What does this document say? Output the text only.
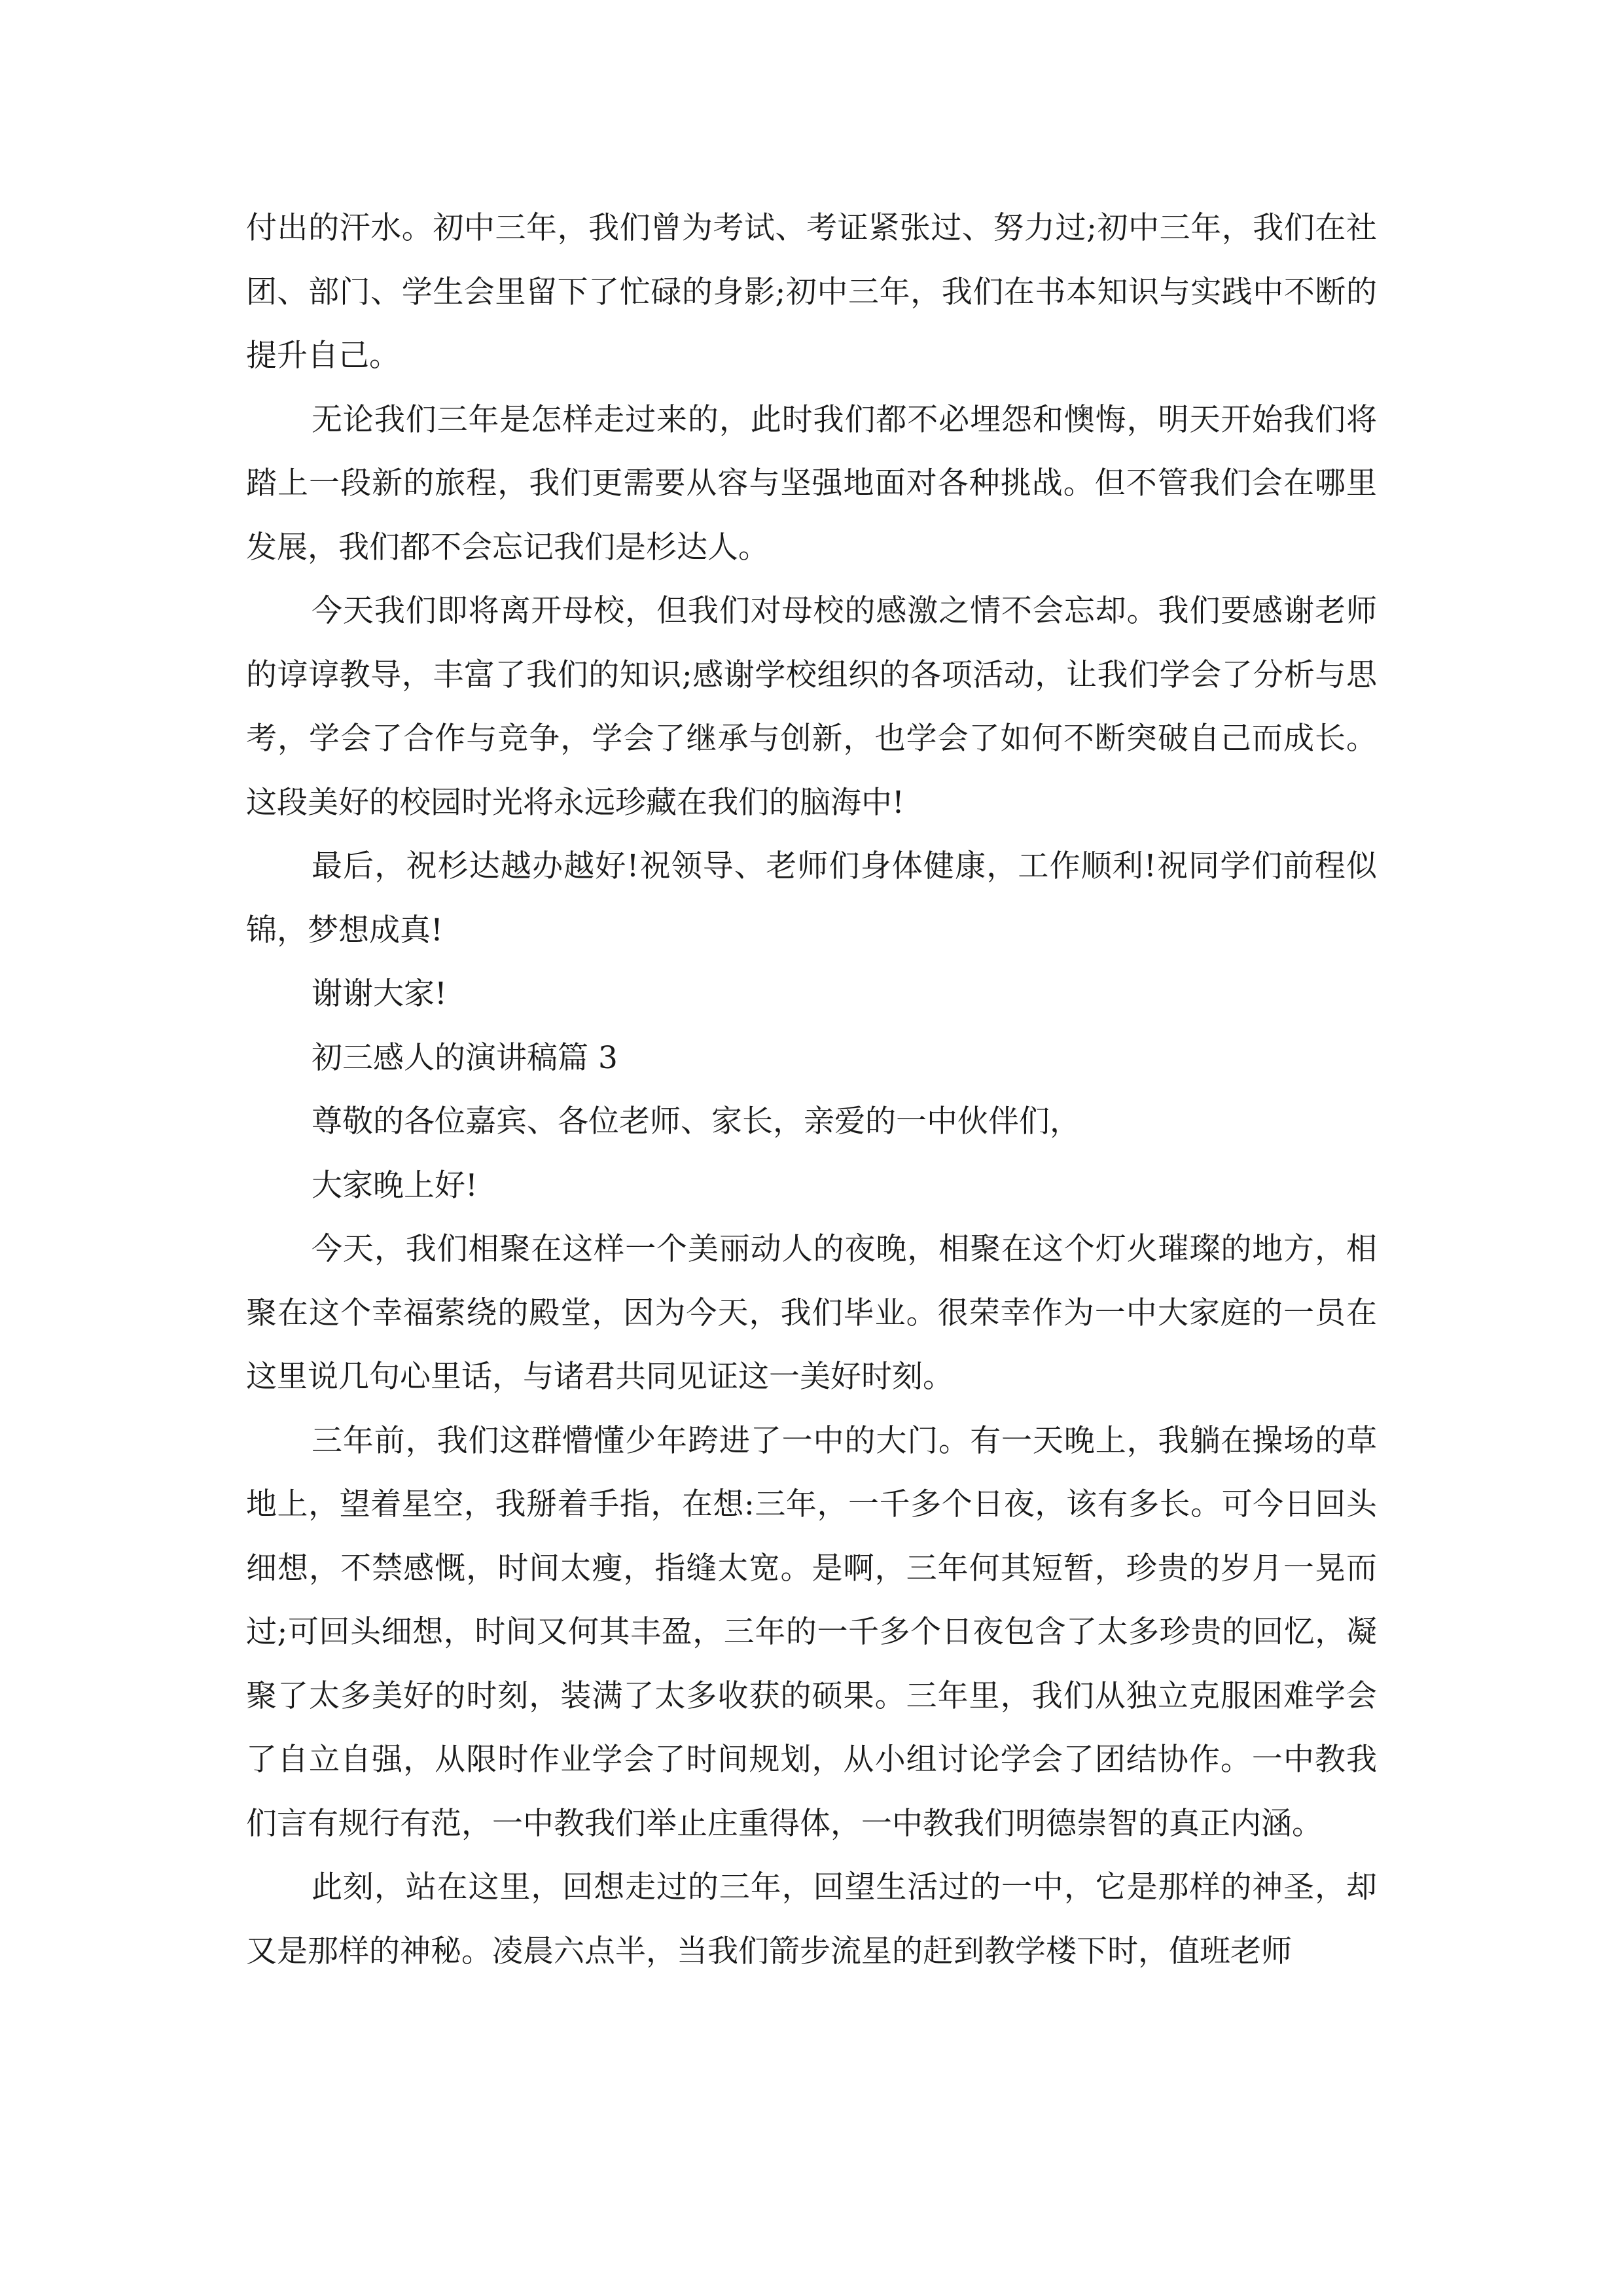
付出的汗水。初中三年，我们曾为考试、考证紧张过、努力过;初中三年，我们在社团、部门、学生会里留下了忙碌的身影;初中三年，我们在书本知识与实践中不断的提升自己。

无论我们三年是怎样走过来的，此时我们都不必埋怨和懊悔，明天开始我们将踏上一段新的旅程，我们更需要从容与坚强地面对各种挑战。但不管我们会在哪里发展，我们都不会忘记我们是杉达人。

今天我们即将离开母校，但我们对母校的感激之情不会忘却。我们要感谢老师的谆谆教导，丰富了我们的知识;感谢学校组织的各项活动，让我们学会了分析与思考，学会了合作与竞争，学会了继承与创新，也学会了如何不断突破自己而成长。这段美好的校园时光将永远珍藏在我们的脑海中!

最后，祝杉达越办越好!祝领导、老师们身体健康，工作顺利!祝同学们前程似锦，梦想成真!

谢谢大家!

初三感人的演讲稿篇 3

尊敬的各位嘉宾、各位老师、家长，亲爱的一中伙伴们，

大家晚上好!

今天，我们相聚在这样一个美丽动人的夜晚，相聚在这个灯火璀璨的地方，相聚在这个幸福萦绕的殿堂，因为今天，我们毕业。很荣幸作为一中大家庭的一员在这里说几句心里话，与诸君共同见证这一美好时刻。

三年前，我们这群懵懂少年跨进了一中的大门。有一天晚上，我躺在操场的草地上，望着星空，我掰着手指，在想:三年，一千多个日夜，该有多长。可今日回头细想，不禁感慨，时间太瘦，指缝太宽。是啊，三年何其短暂，珍贵的岁月一晃而过;可回头细想，时间又何其丰盈，三年的一千多个日夜包含了太多珍贵的回忆，凝聚了太多美好的时刻，装满了太多收获的硕果。三年里，我们从独立克服困难学会了自立自强，从限时作业学会了时间规划，从小组讨论学会了团结协作。一中教我们言有规行有范，一中教我们举止庄重得体，一中教我们明德崇智的真正内涵。

此刻，站在这里，回想走过的三年，回望生活过的一中，它是那样的神圣，却又是那样的神秘。凌晨六点半，当我们箭步流星的赶到教学楼下时，值班老师
